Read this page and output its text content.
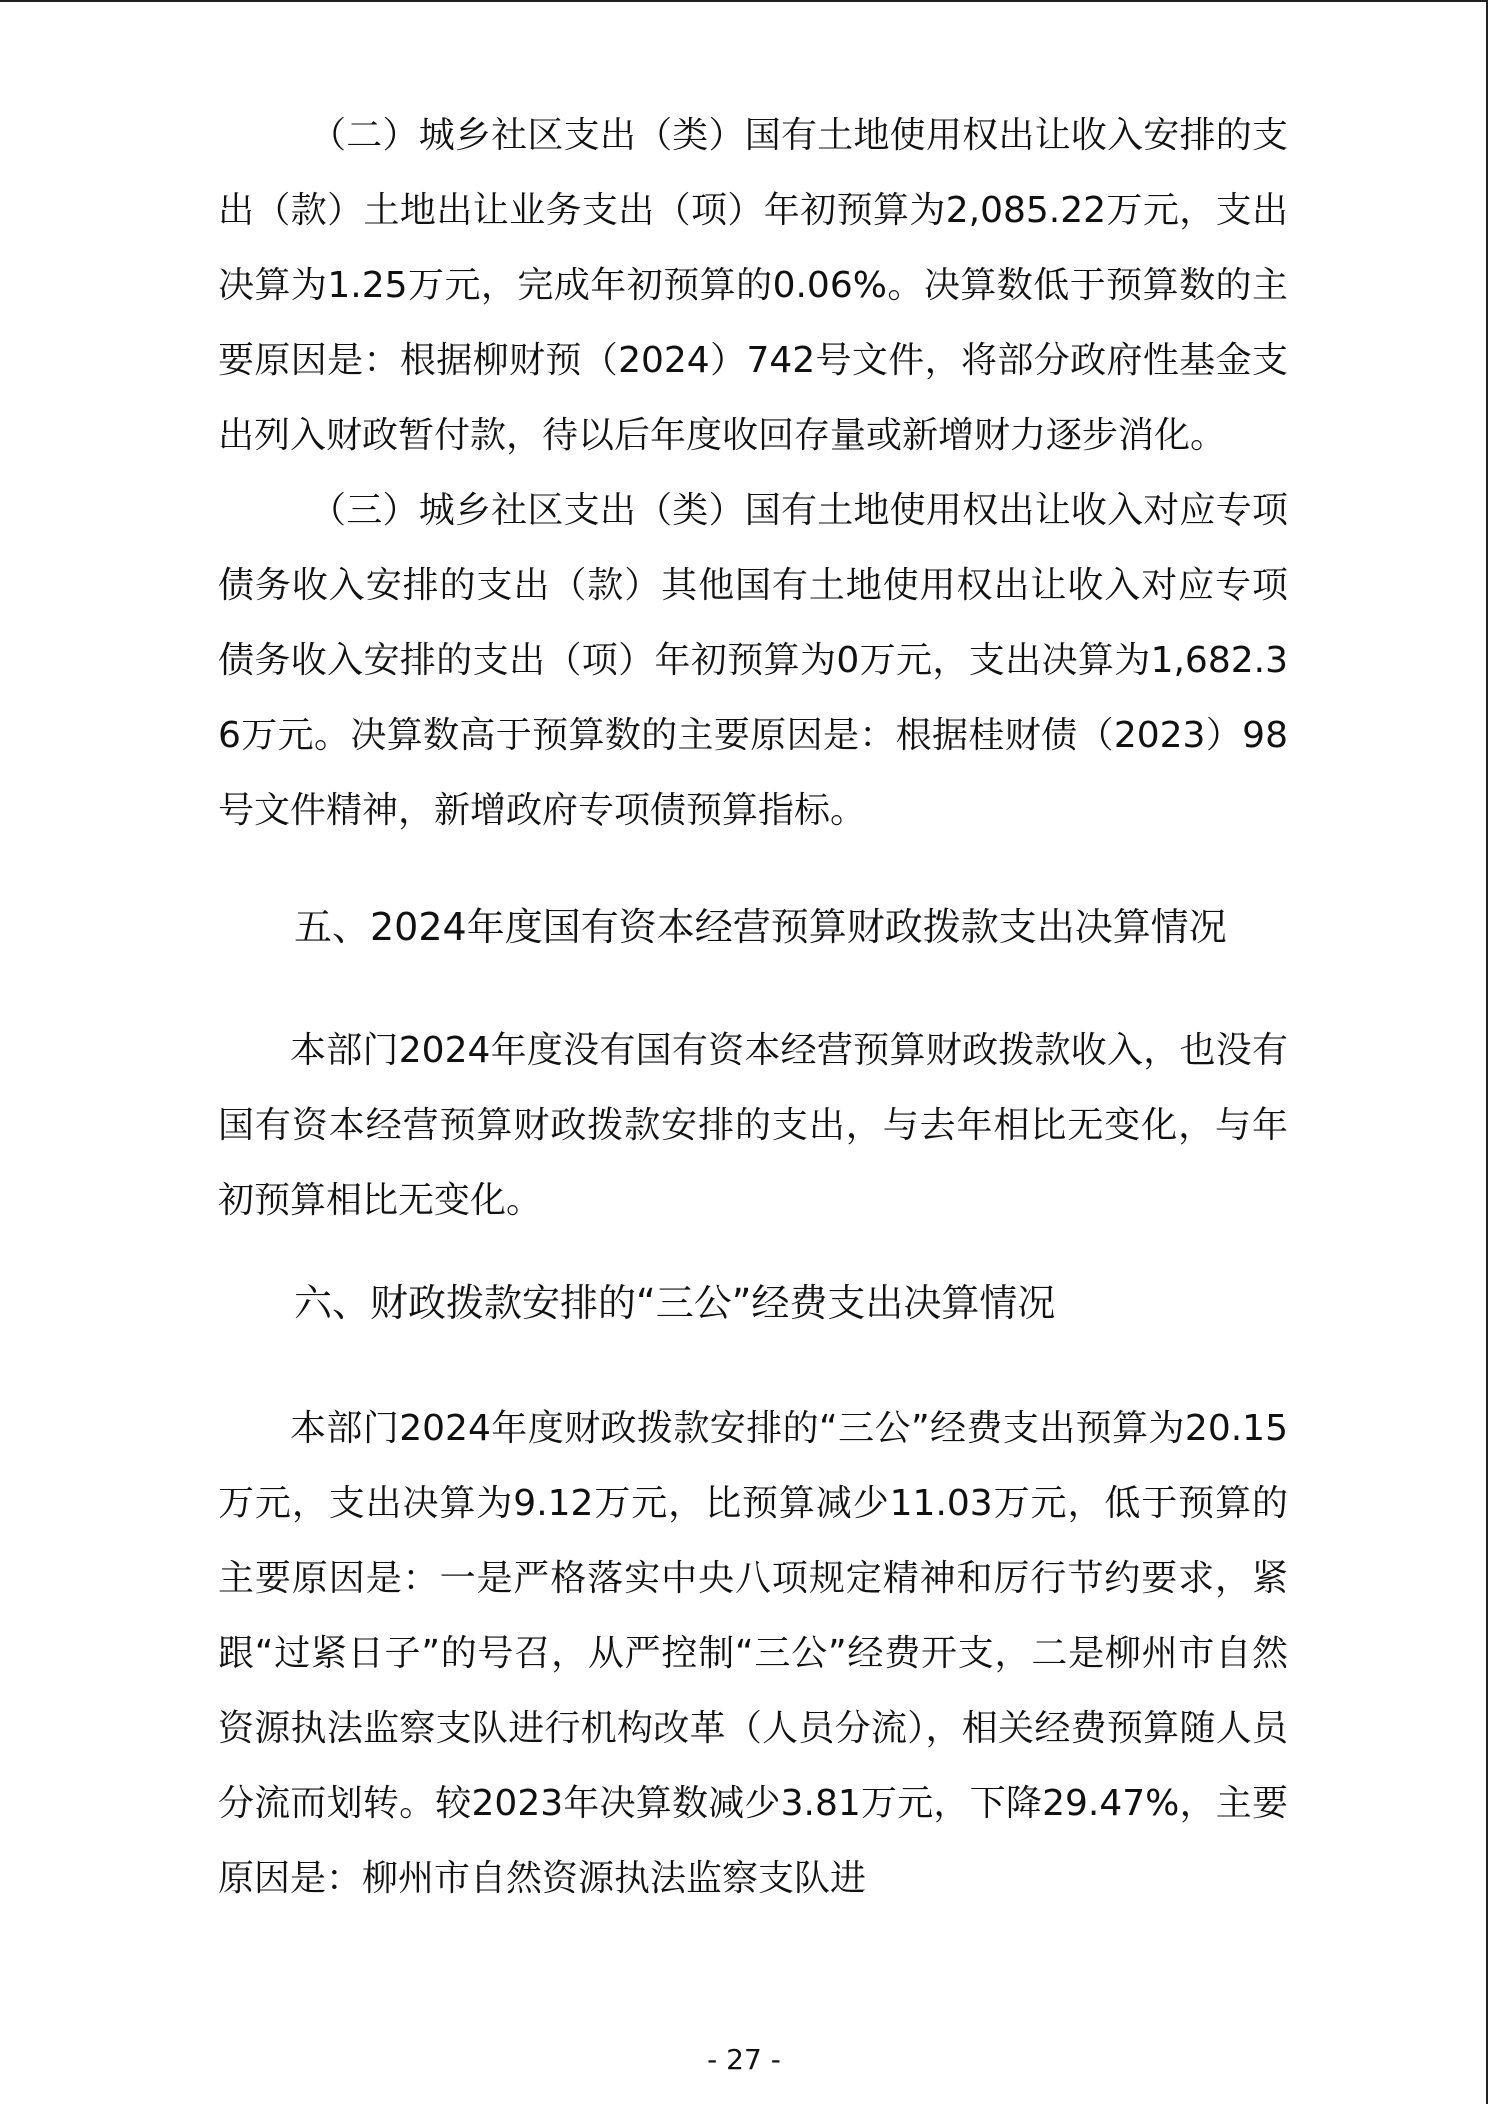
（二）城乡社区支出（类）国有土地使用权出让收入安排的支出（款）土地出让业务支出（项）年初预算为2,085.22万元，支出决算为1.25万元，完成年初预算的0.06%。决算数低于预算数的主要原因是：根据柳财预（2024）742号文件，将部分政府性基金支出列入财政暂付款，待以后年度收回存量或新增财力逐步消化。

（三）城乡社区支出（类）国有土地使用权出让收入对应专项债务收入安排的支出（款）其他国有土地使用权出让收入对应专项债务收入安排的支出（项）年初预算为0万元，支出决算为1,682.36万元。决算数高于预算数的主要原因是：根据桂财债（2023）98号文件精神，新增政府专项债预算指标。

五、2024年度国有资本经营预算财政拨款支出决算情况

本部门2024年度没有国有资本经营预算财政拨款收入，也没有国有资本经营预算财政拨款安排的支出，与去年相比无变化，与年初预算相比无变化。

六、财政拨款安排的“三公”经费支出决算情况

本部门2024年度财政拨款安排的“三公”经费支出预算为20.15万元，支出决算为9.12万元，比预算减少11.03万元，低于预算的主要原因是：一是严格落实中央八项规定精神和厉行节约要求，紧跟“过紧日子”的号召，从严控制“三公”经费开支，二是柳州市自然资源执法监察支队进行机构改革（人员分流），相关经费预算随人员分流而划转。较2023年决算数减少3.81万元，下降29.47%，主要原因是：柳州市自然资源执法监察支队进

- 27 -
